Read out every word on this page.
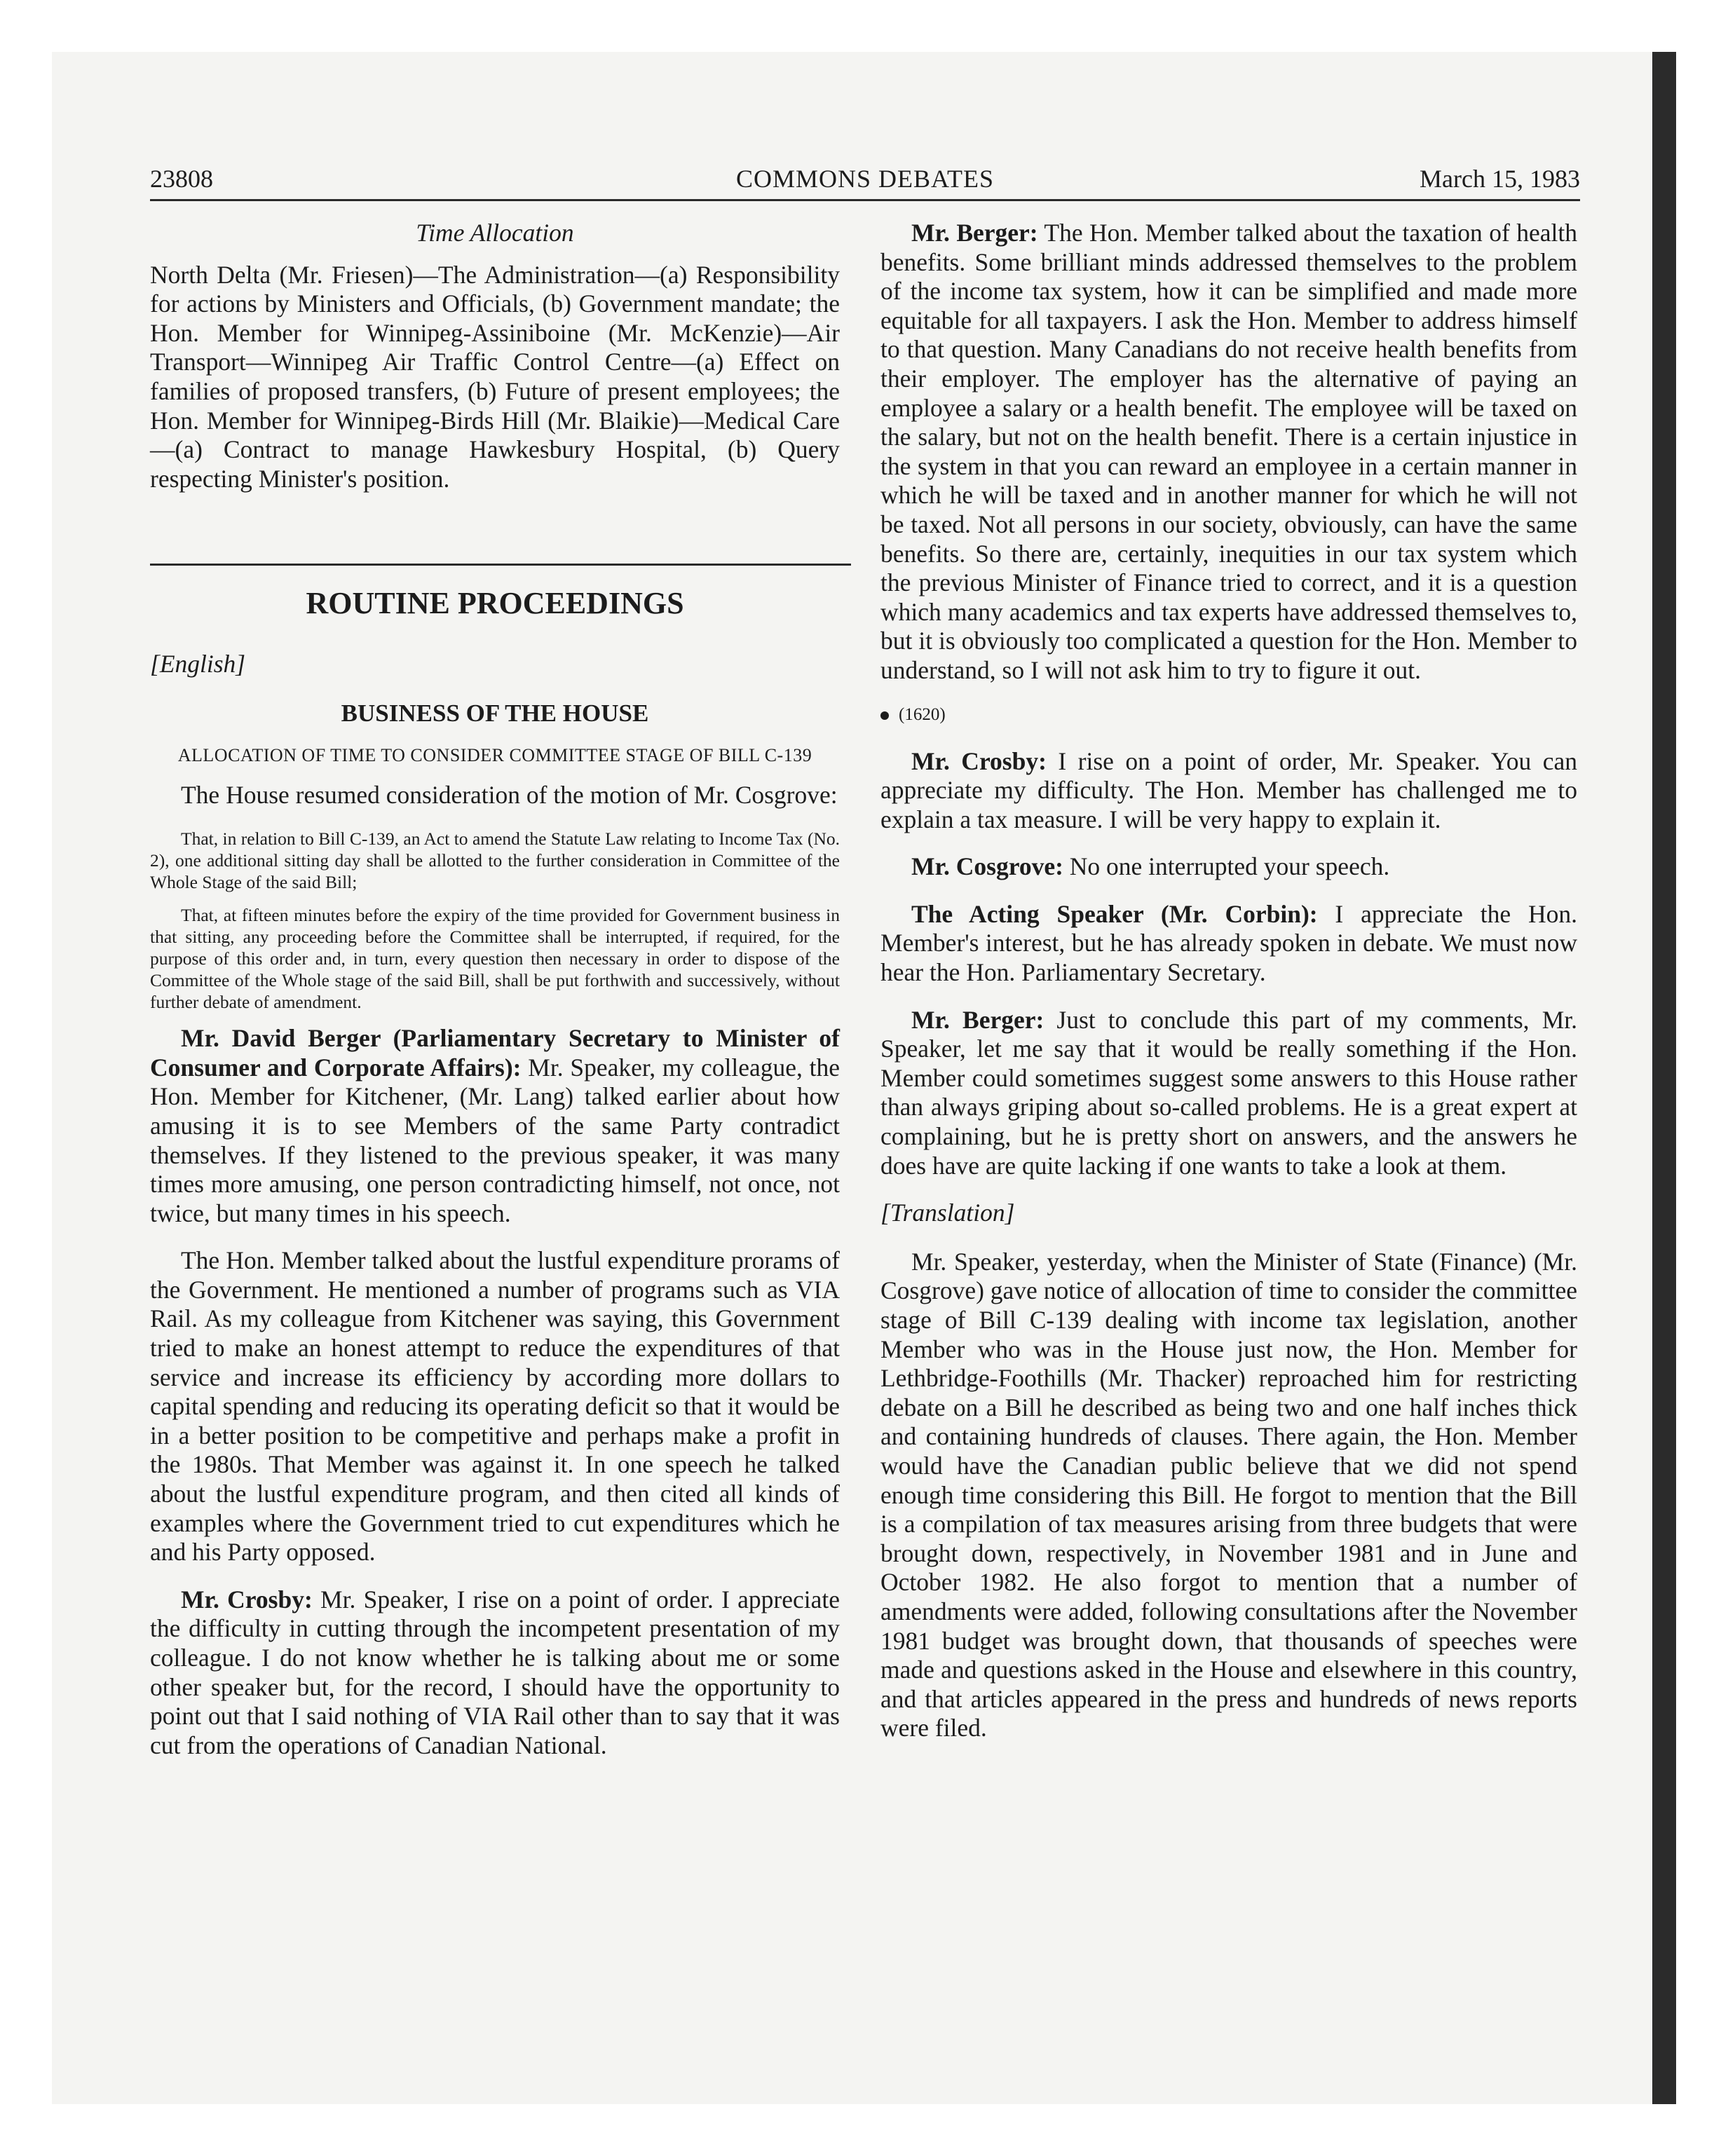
23808	COMMONS DEBATES	March 15, 1983
Time Allocation

North Delta (Mr. Friesen)—The Administration—(a) Responsibility for actions by Ministers and Officials, (b) Government mandate; the Hon. Member for Winnipeg-Assiniboine (Mr. McKenzie)—Air Transport—Winnipeg Air Traffic Control Centre—(a) Effect on families of proposed transfers, (b) Future of present employees; the Hon. Member for Winnipeg-Birds Hill (Mr. Blaikie)—Medical Care—(a) Contract to manage Hawkesbury Hospital, (b) Query respecting Minister's position.

ROUTINE PROCEEDINGS
[English]
BUSINESS OF THE HOUSE
ALLOCATION OF TIME TO CONSIDER COMMITTEE STAGE OF BILL C-139

The House resumed consideration of the motion of Mr. Cosgrove:

That, in relation to Bill C-139, an Act to amend the Statute Law relating to Income Tax (No. 2), one additional sitting day shall be allotted to the further consideration in Committee of the Whole Stage of the said Bill;

That, at fifteen minutes before the expiry of the time provided for Government business in that sitting, any proceeding before the Committee shall be interrupted, if required, for the purpose of this order and, in turn, every question then necessary in order to dispose of the Committee of the Whole stage of the said Bill, shall be put forthwith and successively, without further debate of amendment.

Mr. David Berger (Parliamentary Secretary to Minister of Consumer and Corporate Affairs): Mr. Speaker, my colleague, the Hon. Member for Kitchener, (Mr. Lang) talked earlier about how amusing it is to see Members of the same Party contradict themselves. If they listened to the previous speaker, it was many times more amusing, one person contradicting himself, not once, not twice, but many times in his speech.

The Hon. Member talked about the lustful expenditure prorams of the Government. He mentioned a number of programs such as VIA Rail. As my colleague from Kitchener was saying, this Government tried to make an honest attempt to reduce the expenditures of that service and increase its efficiency by according more dollars to capital spending and reducing its operating deficit so that it would be in a better position to be competitive and perhaps make a profit in the 1980s. That Member was against it. In one speech he talked about the lustful expenditure program, and then cited all kinds of examples where the Government tried to cut expenditures which he and his Party opposed.

Mr. Crosby: Mr. Speaker, I rise on a point of order. I appreciate the difficulty in cutting through the incompetent presentation of my colleague. I do not know whether he is talking about me or some other speaker but, for the record, I should have the opportunity to point out that I said nothing of VIA Rail other than to say that it was cut from the operations of Canadian National.

Mr. Berger: The Hon. Member talked about the taxation of health benefits. Some brilliant minds addressed themselves to the problem of the income tax system, how it can be simplified and made more equitable for all taxpayers. I ask the Hon. Member to address himself to that question. Many Canadians do not receive health benefits from their employer. The employer has the alternative of paying an employee a salary or a health benefit. The employee will be taxed on the salary, but not on the health benefit. There is a certain injustice in the system in that you can reward an employee in a certain manner in which he will be taxed and in another manner for which he will not be taxed. Not all persons in our society, obviously, can have the same benefits. So there are, certainly, inequities in our tax system which the previous Minister of Finance tried to correct, and it is a question which many academics and tax experts have addressed themselves to, but it is obviously too complicated a question for the Hon. Member to understand, so I will not ask him to try to figure it out.

(1620)

Mr. Crosby: I rise on a point of order, Mr. Speaker. You can appreciate my difficulty. The Hon. Member has challenged me to explain a tax measure. I will be very happy to explain it.

Mr. Cosgrove: No one interrupted your speech.

The Acting Speaker (Mr. Corbin): I appreciate the Hon. Member's interest, but he has already spoken in debate. We must now hear the Hon. Parliamentary Secretary.

Mr. Berger: Just to conclude this part of my comments, Mr. Speaker, let me say that it would be really something if the Hon. Member could sometimes suggest some answers to this House rather than always griping about so-called problems. He is a great expert at complaining, but he is pretty short on answers, and the answers he does have are quite lacking if one wants to take a look at them.

[Translation]

Mr. Speaker, yesterday, when the Minister of State (Finance) (Mr. Cosgrove) gave notice of allocation of time to consider the committee stage of Bill C-139 dealing with income tax legislation, another Member who was in the House just now, the Hon. Member for Lethbridge-Foothills (Mr. Thacker) reproached him for restricting debate on a Bill he described as being two and one half inches thick and containing hundreds of clauses. There again, the Hon. Member would have the Canadian public believe that we did not spend enough time considering this Bill. He forgot to mention that the Bill is a compilation of tax measures arising from three budgets that were brought down, respectively, in November 1981 and in June and October 1982. He also forgot to mention that a number of amendments were added, following consultations after the November 1981 budget was brought down, that thousands of speeches were made and questions asked in the House and elsewhere in this country, and that articles appeared in the press and hundreds of news reports were filed.
